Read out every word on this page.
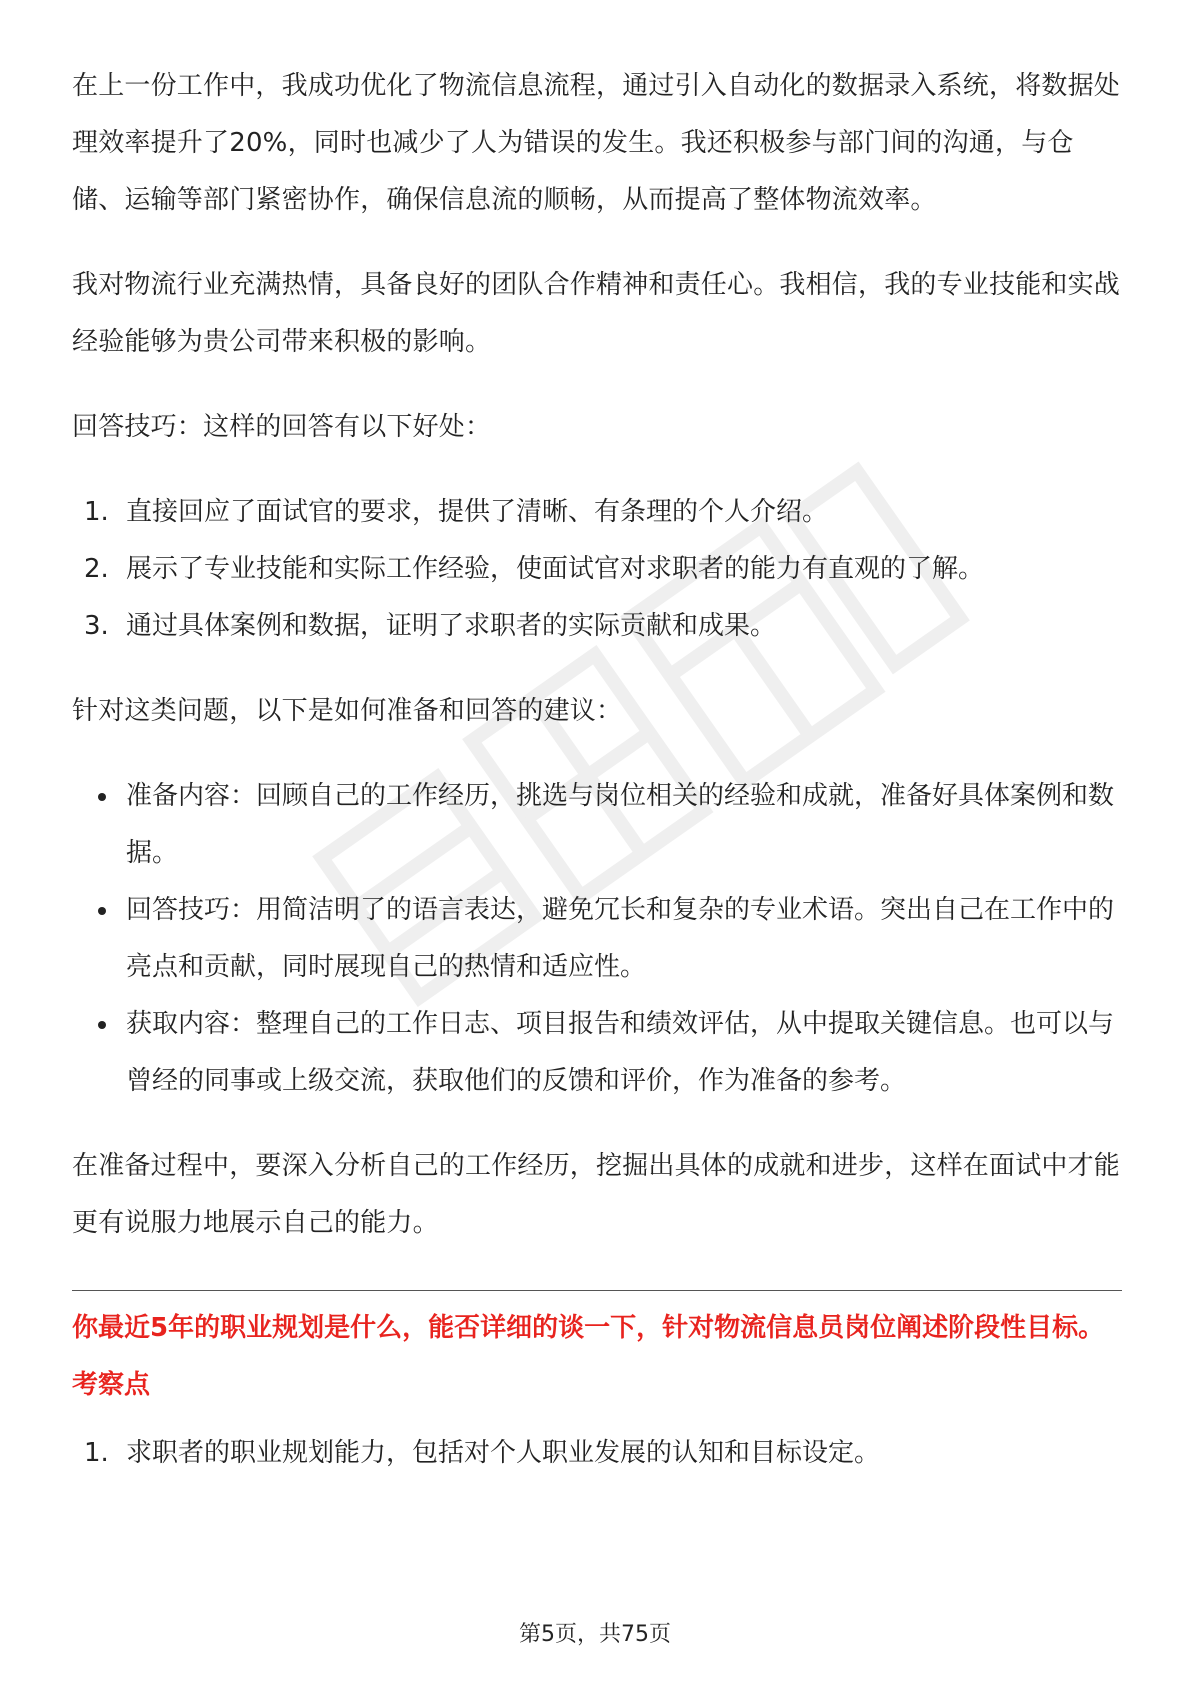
在上一份工作中，我成功优化了物流信息流程，通过引入自动化的数据录入系统，将数据处理效率提升了20%，同时也减少了人为错误的发生。我还积极参与部门间的沟通，与仓储、运输等部门紧密协作，确保信息流的顺畅，从而提高了整体物流效率。

我对物流行业充满热情，具备良好的团队合作精神和责任心。我相信，我的专业技能和实战经验能够为贵公司带来积极的影响。

回答技巧：这样的回答有以下好处：

1. 直接回应了面试官的要求，提供了清晰、有条理的个人介绍。
2. 展示了专业技能和实际工作经验，使面试官对求职者的能力有直观的了解。
3. 通过具体案例和数据，证明了求职者的实际贡献和成果。

针对这类问题，以下是如何准备和回答的建议：

准备内容：回顾自己的工作经历，挑选与岗位相关的经验和成就，准备好具体案例和数据。
回答技巧：用简洁明了的语言表达，避免冗长和复杂的专业术语。突出自己在工作中的亮点和贡献，同时展现自己的热情和适应性。
获取内容：整理自己的工作日志、项目报告和绩效评估，从中提取关键信息。也可以与曾经的同事或上级交流，获取他们的反馈和评价，作为准备的参考。

在准备过程中，要深入分析自己的工作经历，挖掘出具体的成就和进步，这样在面试中才能更有说服力地展示自己的能力。

你最近5年的职业规划是什么，能否详细的谈一下，针对物流信息员岗位阐述阶段性目标。
考察点
1. 求职者的职业规划能力，包括对个人职业发展的认知和目标设定。
第5页，共75页
